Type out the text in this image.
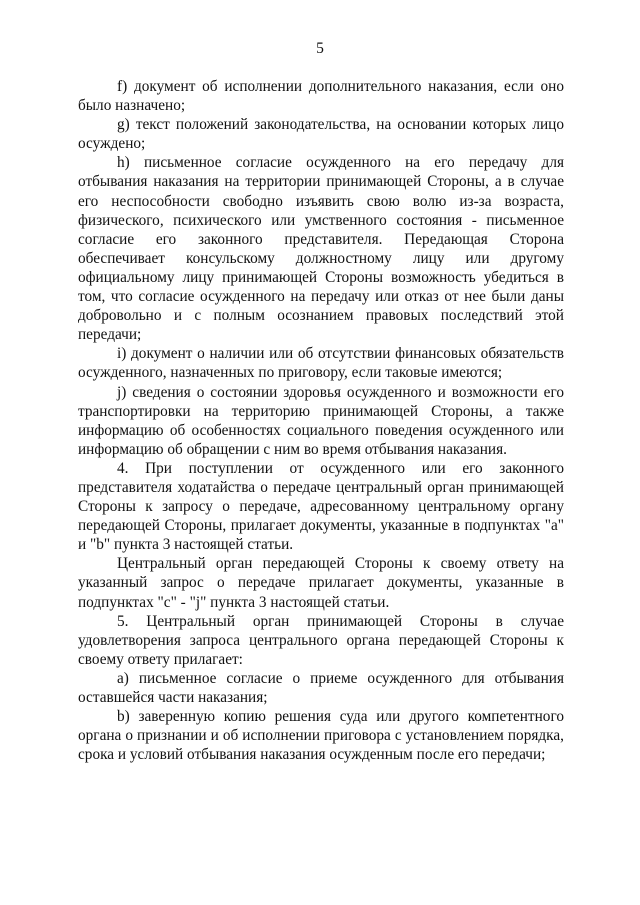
5

f) документ об исполнении дополнительного наказания, если оно было назначено;

g) текст положений законодательства, на основании которых лицо осуждено;

h) письменное согласие осужденного на его передачу для отбывания наказания на территории принимающей Стороны, а в случае его неспособности свободно изъявить свою волю из-за возраста, физического, психического или умственного состояния - письменное согласие его законного представителя. Передающая Сторона обеспечивает консульскому должностному лицу или другому официальному лицу принимающей Стороны возможность убедиться в том, что согласие осужденного на передачу или отказ от нее были даны добровольно и с полным осознанием правовых последствий этой передачи;

i) документ о наличии или об отсутствии финансовых обязательств осужденного, назначенных по приговору, если таковые имеются;

j) сведения о состоянии здоровья осужденного и возможности его транспортировки на территорию принимающей Стороны, а также информацию об особенностях социального поведения осужденного или информацию об обращении с ним во время отбывания наказания.

4. При поступлении от осужденного или его законного представителя ходатайства о передаче центральный орган принимающей Стороны к запросу о передаче, адресованному центральному органу передающей Стороны, прилагает документы, указанные в подпунктах "a" и "b" пункта 3 настоящей статьи.

Центральный орган передающей Стороны к своему ответу на указанный запрос о передаче прилагает документы, указанные в подпунктах "c" - "j" пункта 3 настоящей статьи.

5. Центральный орган принимающей Стороны в случае удовлетворения запроса центрального органа передающей Стороны к своему ответу прилагает:

a) письменное согласие о приеме осужденного для отбывания оставшейся части наказания;

b) заверенную копию решения суда или другого компетентного органа о признании и об исполнении приговора с установлением порядка, срока и условий отбывания наказания осужденным после его передачи;
